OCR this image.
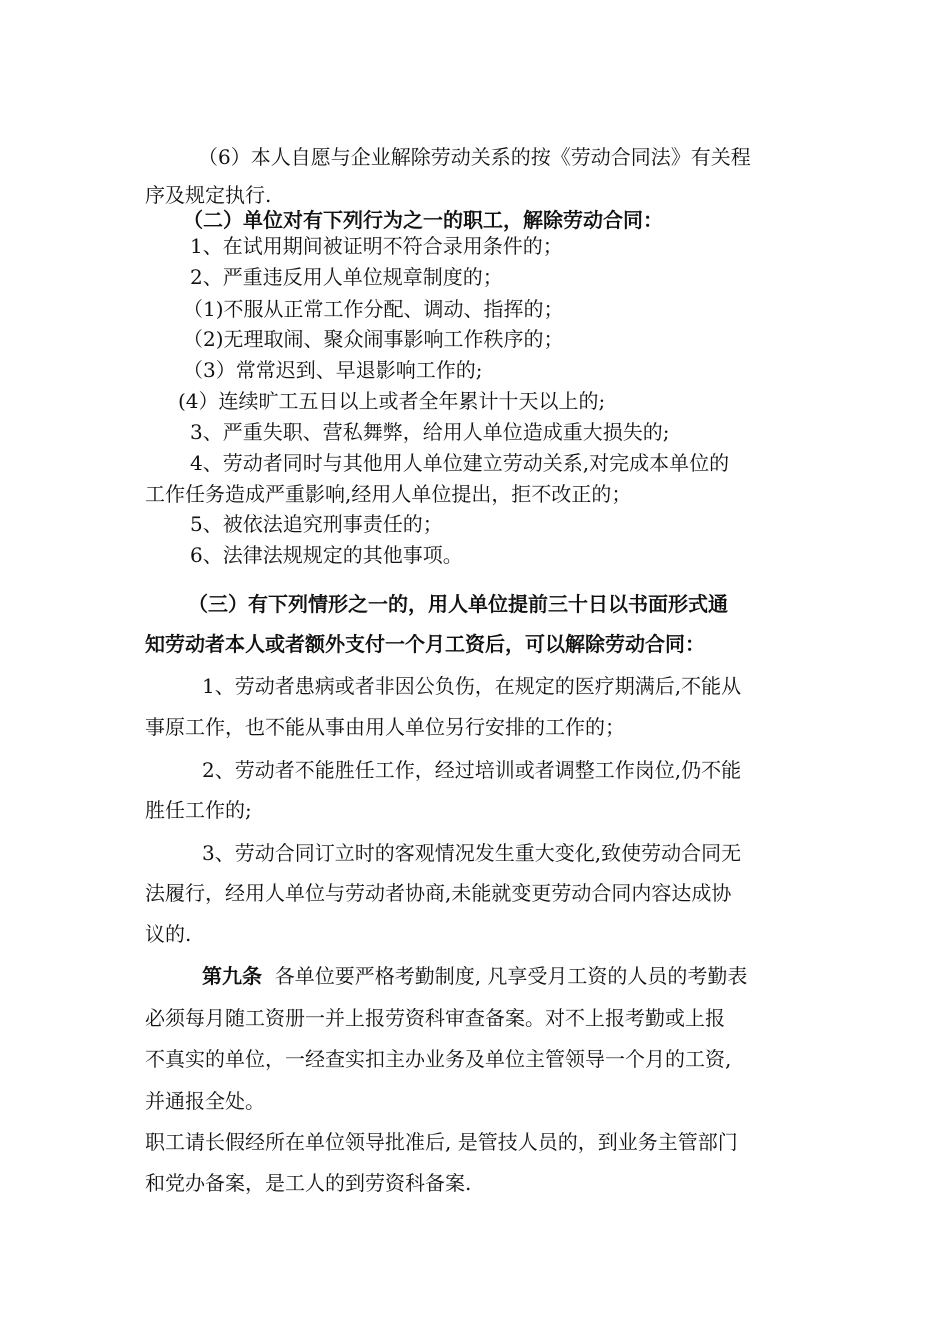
（6）本人自愿与企业解除劳动关系的按《劳动合同法》有关程
序及规定执行.
（二）单位对有下列行为之一的职工，解除劳动合同：
1、在试用期间被证明不符合录用条件的；
2、严重违反用人单位规章制度的；
（1)不服从正常工作分配、调动、指挥的；
（2)无理取闹、聚众闹事影响工作秩序的；
（3）常常迟到、早退影响工作的;
(4）连续旷工五日以上或者全年累计十天以上的;
3、严重失职、营私舞弊，给用人单位造成重大损失的;
4、劳动者同时与其他用人单位建立劳动关系,对完成本单位的
工作任务造成严重影响,经用人单位提出，拒不改正的；
5、被依法追究刑事责任的；
6、法律法规规定的其他事项。
（三）有下列情形之一的，用人单位提前三十日以书面形式通
知劳动者本人或者额外支付一个月工资后，可以解除劳动合同：
1、劳动者患病或者非因公负伤，在规定的医疗期满后,不能从
事原工作，也不能从事由用人单位另行安排的工作的；
2、劳动者不能胜任工作，经过培训或者调整工作岗位,仍不能
胜任工作的;
3、劳动合同订立时的客观情况发生重大变化,致使劳动合同无
法履行，经用人单位与劳动者协商,未能就变更劳动合同内容达成协
议的.
第九条 各单位要严格考勤制度, 凡享受月工资的人员的考勤表
必须每月随工资册一并上报劳资科审查备案。对不上报考勤或上报
不真实的单位，一经查实扣主办业务及单位主管领导一个月的工资,
并通报全处。
职工请长假经所在单位领导批准后, 是管技人员的，到业务主管部门
和党办备案，是工人的到劳资科备案.
